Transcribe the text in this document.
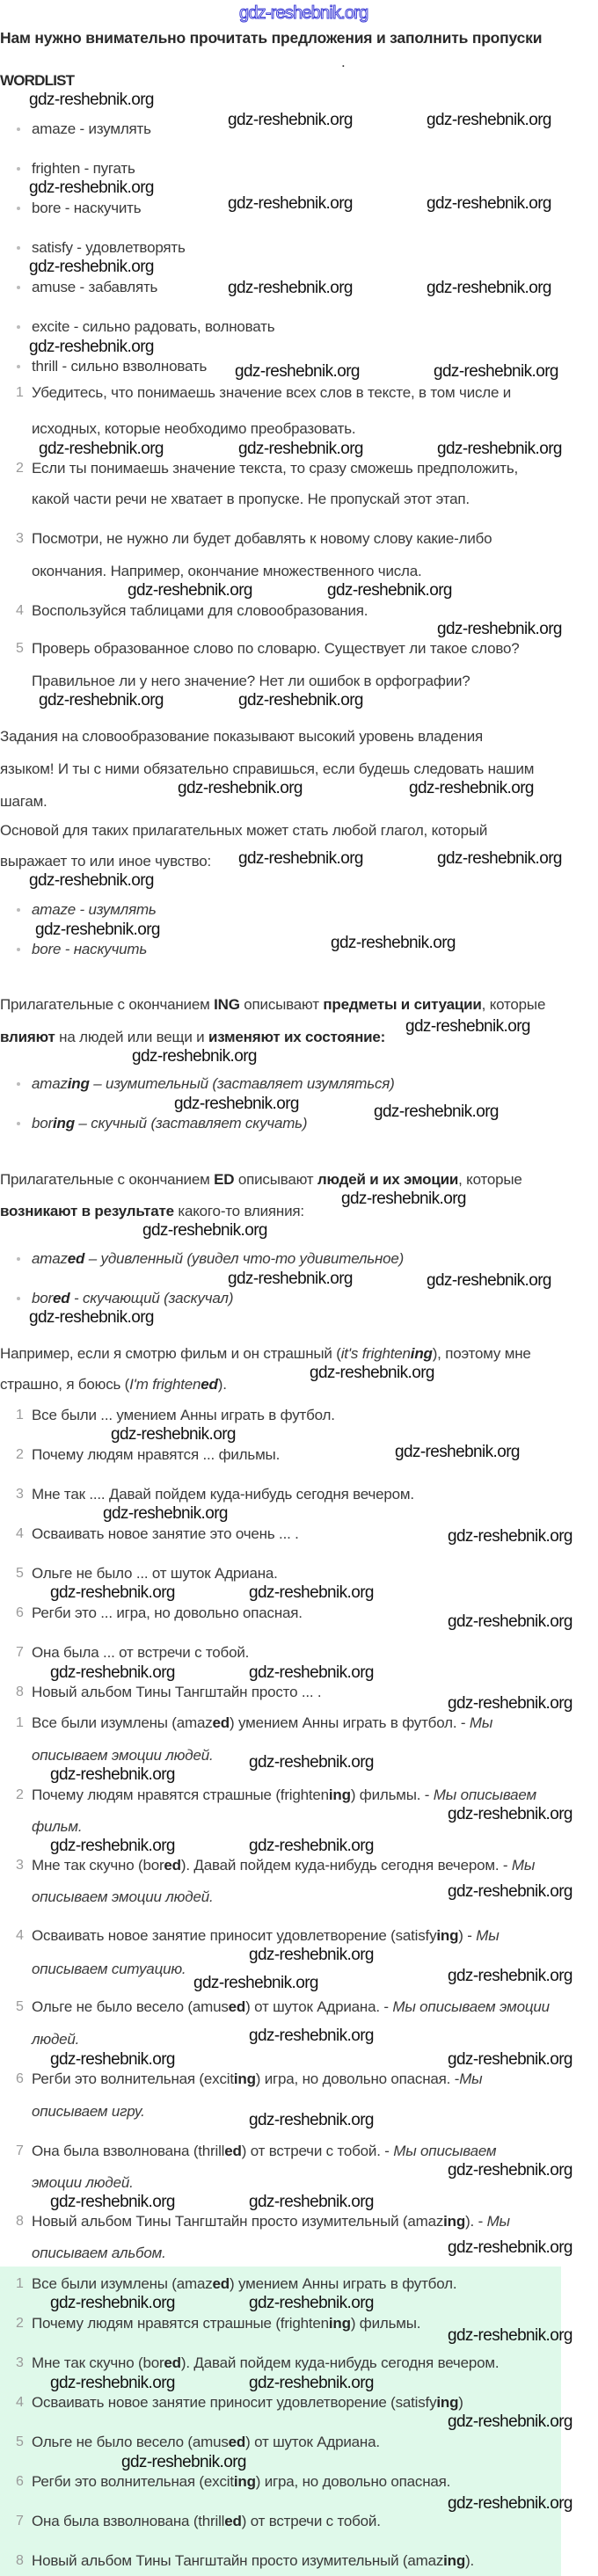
gdz-reshebnik.org
Нам нужно внимательно прочитать предложения и заполнить пропуски
.
WORDLIST
amaze - изумлять
frighten - пугать
bore - наскучить
satisfy - удовлетворять
amuse - забавлять
excite - сильно радовать, волновать
thrill - сильно взволновать
1 Убедитесь, что понимаешь значение всех слов в тексте, в том числе и
исходных, которые необходимо преобразовать.
2 Если ты понимаешь значение текста, то сразу сможешь предположить,
какой части речи не хватает в пропуске. Не пропускай этот этап.
3 Посмотри, не нужно ли будет добавлять к новому слову какие-либо
окончания. Например, окончание множественного числа.
4 Воспользуйся таблицами для словообразования.
5 Проверь образованное слово по словарю. Существует ли такое слово?
Правильное ли у него значение? Нет ли ошибок в орфографии?
Задания на словообразование показывают высокий уровень владения
языком! И ты с ними обязательно справишься, если будешь следовать нашим
шагам.
Основой для таких прилагательных может стать любой глагол, который
выражает то или иное чувство:
amaze - изумлять
bore - наскучить
Прилагательные с окончанием ING описывают предметы и ситуации, которые
влияют на людей или вещи и изменяют их состояние:
amazing – изумительный (заставляет изумляться)
boring – скучный (заставляет скучать)
Прилагательные с окончанием ED описывают людей и их эмоции, которые
возникают в результате какого-то влияния:
amazed – удивленный (увидел что-то удивительное)
bored - скучающий (заскучал)
Например, если я смотрю фильм и он страшный (it's frightening), поэтому мне
страшно, я боюсь (I'm frightened).
1 Все были ... умением Анны играть в футбол.
2 Почему людям нравятся ... фильмы.
3 Мне так .... Давай пойдем куда-нибудь сегодня вечером.
4 Осваивать новое занятие это очень ... .
5 Ольге не было ... от шуток Адриана.
6 Регби это ... игра, но довольно опасная.
7 Она была ... от встречи с тобой.
8 Новый альбом Тины Тангштайн просто ... .
1 Все были изумлены (amazed) умением Анны играть в футбол. - Мы
описываем эмоции людей.
2 Почему людям нравятся страшные (frightening) фильмы. - Мы описываем
фильм.
3 Мне так скучно (bored). Давай пойдем куда-нибудь сегодня вечером. - Мы
описываем эмоции людей.
4 Осваивать новое занятие приносит удовлетворение (satisfying) - Мы
описываем ситуацию.
5 Ольге не было весело (amused) от шуток Адриана. - Мы описываем эмоции
людей.
6 Регби это волнительная (exciting) игра, но довольно опасная. -Мы
описываем игру.
7 Она была взволнована (thrilled) от встречи с тобой. - Мы описываем
эмоции людей.
8 Новый альбом Тины Тангштайн просто изумительный (amazing). - Мы
описываем альбом.
1 Все были изумлены (amazed) умением Анны играть в футбол.
2 Почему людям нравятся страшные (frightening) фильмы.
3 Мне так скучно (bored). Давай пойдем куда-нибудь сегодня вечером.
4 Осваивать новое занятие приносит удовлетворение (satisfying)
5 Ольге не было весело (amused) от шуток Адриана.
6 Регби это волнительная (exciting) игра, но довольно опасная.
7 Она была взволнована (thrilled) от встречи с тобой.
8 Новый альбом Тины Тангштайн просто изумительный (amazing).
gdz-reshebnik.org
gdz-reshebnik.org	gdz-reshebnik.org
gdz-reshebnik.org
gdz-reshebnik.org	gdz-reshebnik.org
gdz-reshebnik.org
gdz-reshebnik.org	gdz-reshebnik.org
gdz-reshebnik.org
gdz-reshebnik.org	gdz-reshebnik.org
gdz-reshebnik.org	gdz-reshebnik.org	gdz-reshebnik.org
gdz-reshebnik.org	gdz-reshebnik.org
gdz-reshebnik.org	gdz-reshebnik.org
gdz-reshebnik.org
gdz-reshebnik.org	gdz-reshebnik.org
gdz-reshebnik.org
gdz-reshebnik.org	gdz-reshebnik.org
gdz-reshebnik.org
gdz-reshebnik.org
gdz-reshebnik.org
gdz-reshebnik.org
gdz-reshebnik.org	gdz-reshebnik.org
gdz-reshebnik.org
gdz-reshebnik.org
gdz-reshebnik.org	gdz-reshebnik.org
gdz-reshebnik.org
gdz-reshebnik.org
gdz-reshebnik.org
gdz-reshebnik.org
gdz-reshebnik.org
gdz-reshebnik.org
gdz-reshebnik.org	gdz-reshebnik.org
gdz-reshebnik.org
gdz-reshebnik.org	gdz-reshebnik.org
gdz-reshebnik.org
gdz-reshebnik.org
gdz-reshebnik.org
gdz-reshebnik.org
gdz-reshebnik.org
gdz-reshebnik.org
gdz-reshebnik.org
gdz-reshebnik.org
gdz-reshebnik.org
gdz-reshebnik.org
gdz-reshebnik.org
gdz-reshebnik.org
gdz-reshebnik.org
gdz-reshebnik.org
gdz-reshebnik.org
gdz-reshebnik.org	gdz-reshebnik.org
gdz-reshebnik.org
gdz-reshebnik.org	gdz-reshebnik.org
gdz-reshebnik.org
gdz-reshebnik.org	gdz-reshebnik.org
gdz-reshebnik.org
gdz-reshebnik.org
gdz-reshebnik.org
